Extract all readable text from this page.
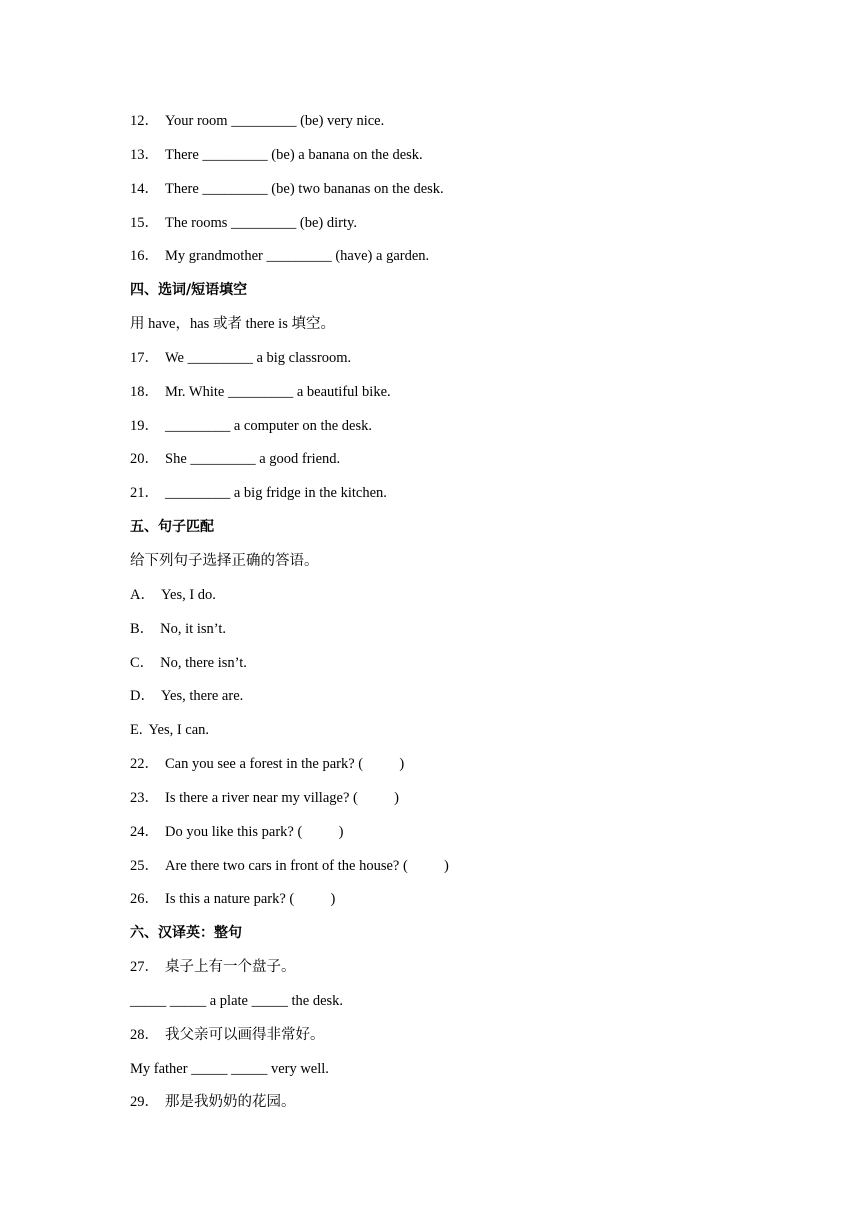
12． Your room _________ (be) very nice.
13． There _________ (be) a banana on the desk.
14． There _________ (be) two bananas on the desk.
15． The rooms _________ (be) dirty.
16． My grandmother _________ (have) a garden.
四、选词/短语填空
用 have，has 或者 there is 填空。
17． We _________ a big classroom.
18． Mr. White _________ a beautiful bike.
19． _________ a computer on the desk.
20． She _________ a good friend.
21． _________ a big fridge in the kitchen.
五、句子匹配
给下列句子选择正确的答语。
A． Yes, I do.
B． No, it isn’t.
C． No, there isn’t.
D． Yes, there are.
E. Yes, I can.
22． Can you see a forest in the park? (          )
23． Is there a river near my village? (          )
24． Do you like this park? (          )
25． Are there two cars in front of the house? (          )
26． Is this a nature park? (          )
六、汉译英：整句
27． 桌子上有一个盘子。
_____ _____ a plate _____ the desk.
28． 我父亲可以画得非常好。
My father _____ _____ very well.
29． 那是我奶奶的花园。
